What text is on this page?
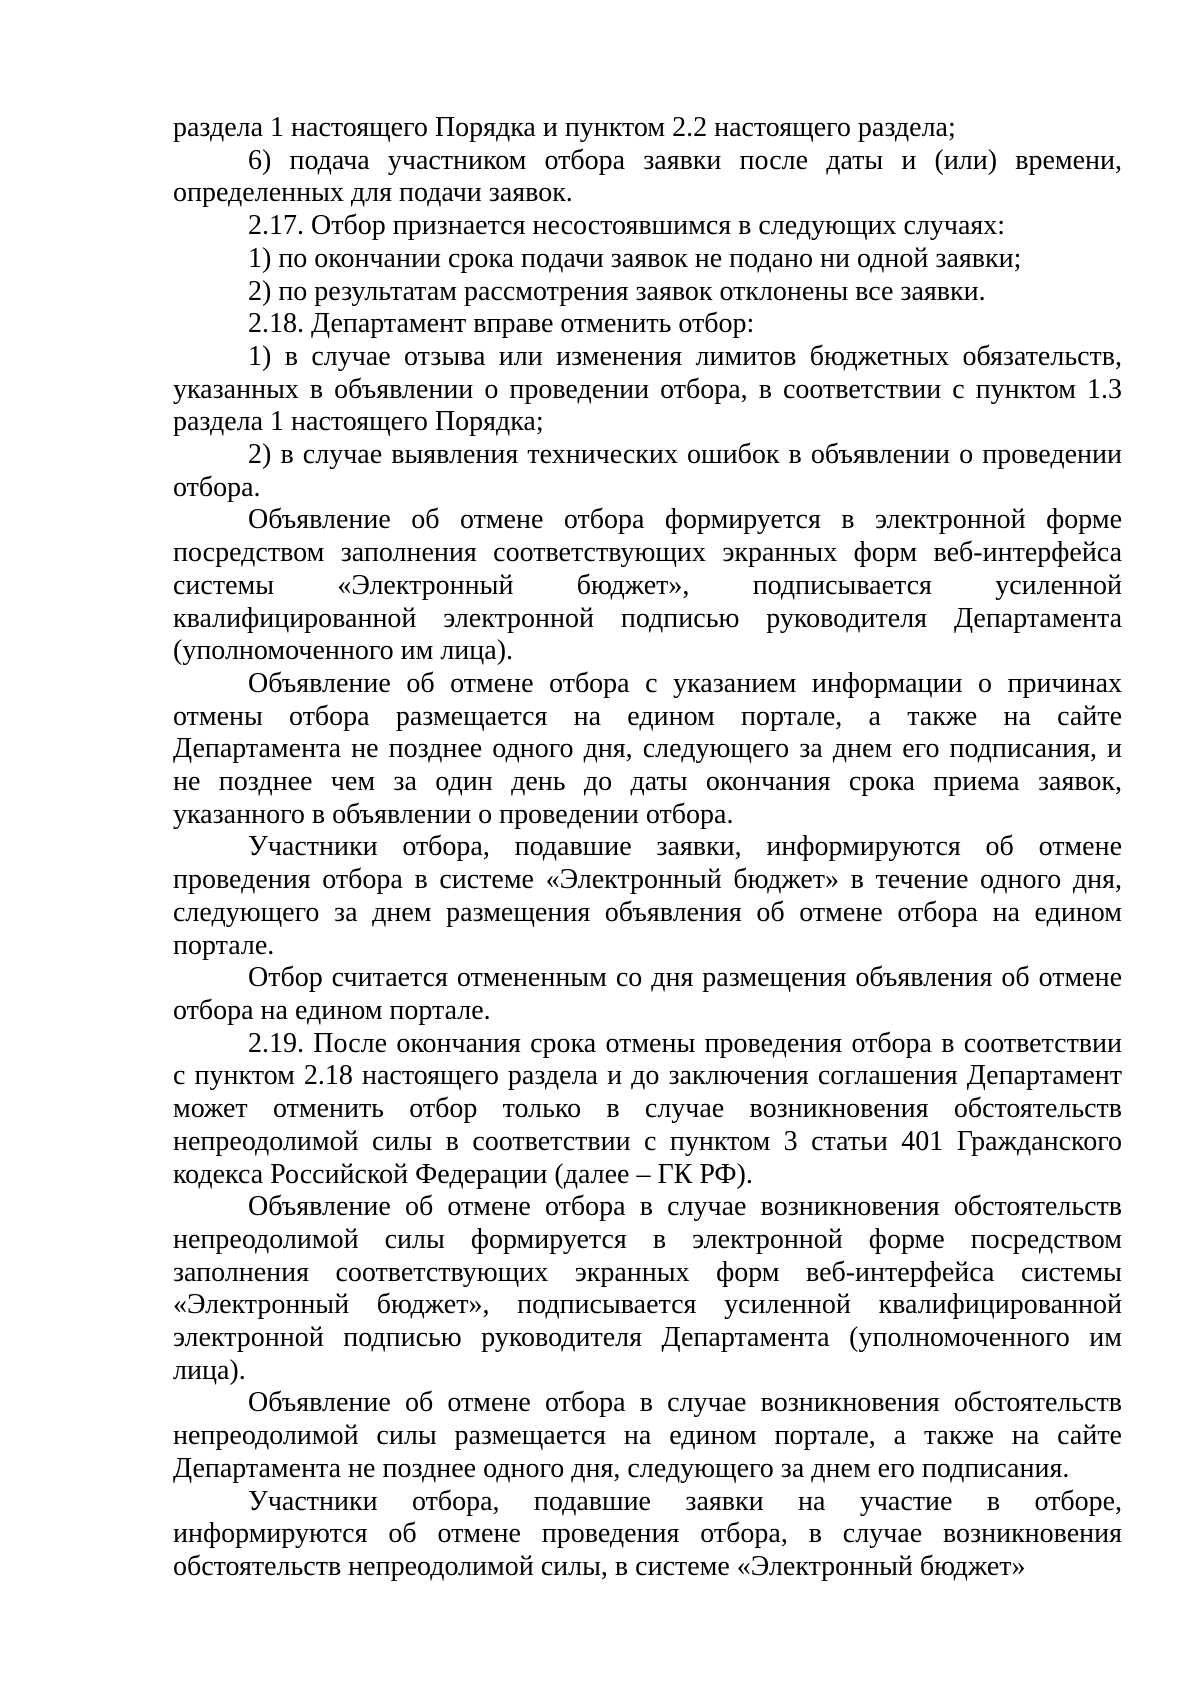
раздела 1 настоящего Порядка и пунктом 2.2 настоящего раздела;

6) подача участником отбора заявки после даты и (или) времени, определенных для подачи заявок.

2.17. Отбор признается несостоявшимся в следующих случаях:

1) по окончании срока подачи заявок не подано ни одной заявки;

2) по результатам рассмотрения заявок отклонены все заявки.

2.18. Департамент вправе отменить отбор:

1) в случае отзыва или изменения лимитов бюджетных обязательств, указанных в объявлении о проведении отбора, в соответствии с пунктом 1.3 раздела 1 настоящего Порядка;

2) в случае выявления технических ошибок в объявлении о проведении отбора.

Объявление об отмене отбора формируется в электронной форме посредством заполнения соответствующих экранных форм веб-интерфейса системы «Электронный бюджет», подписывается усиленной квалифицированной электронной подписью руководителя Департамента (уполномоченного им лица).

Объявление об отмене отбора с указанием информации о причинах отмены отбора размещается на едином портале, а также на сайте Департамента не позднее одного дня, следующего за днем его подписания, и не позднее чем за один день до даты окончания срока приема заявок, указанного в объявлении о проведении отбора.

Участники отбора, подавшие заявки, информируются об отмене проведения отбора в системе «Электронный бюджет» в течение одного дня, следующего за днем размещения объявления об отмене отбора на едином портале.

Отбор считается отмененным со дня размещения объявления об отмене отбора на едином портале.

2.19. После окончания срока отмены проведения отбора в соответствии с пунктом 2.18 настоящего раздела и до заключения соглашения Департамент может отменить отбор только в случае возникновения обстоятельств непреодолимой силы в соответствии с пунктом 3 статьи 401 Гражданского кодекса Российской Федерации (далее – ГК РФ).

Объявление об отмене отбора в случае возникновения обстоятельств непреодолимой силы формируется в электронной форме посредством заполнения соответствующих экранных форм веб-интерфейса системы «Электронный бюджет», подписывается усиленной квалифицированной электронной подписью руководителя Департамента (уполномоченного им лица).

Объявление об отмене отбора в случае возникновения обстоятельств непреодолимой силы размещается на едином портале, а также на сайте Департамента не позднее одного дня, следующего за днем его подписания.

Участники отбора, подавшие заявки на участие в отборе, информируются об отмене проведения отбора, в случае возникновения обстоятельств непреодолимой силы, в системе «Электронный бюджет»
